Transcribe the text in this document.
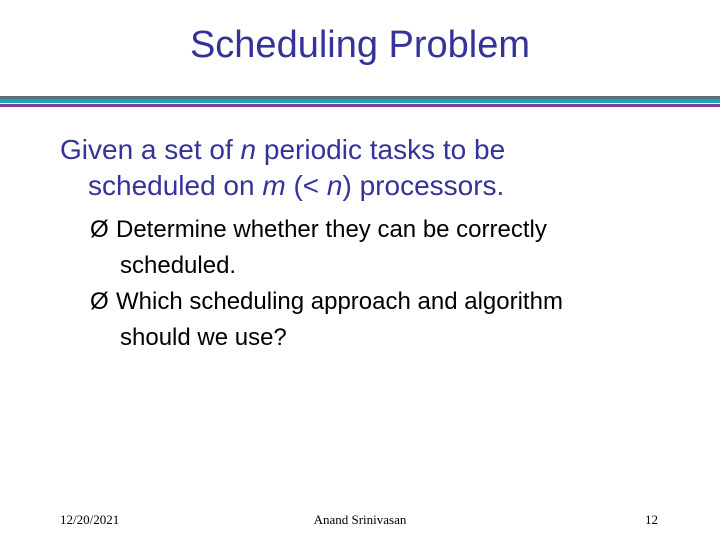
Scheduling Problem
Given a set of n periodic tasks to be
scheduled on m (< n) processors.
Ø Determine whether they can be correctly
scheduled.
Ø Which scheduling approach and algorithm
should we use?
12/20/2021	Anand Srinivasan	12
